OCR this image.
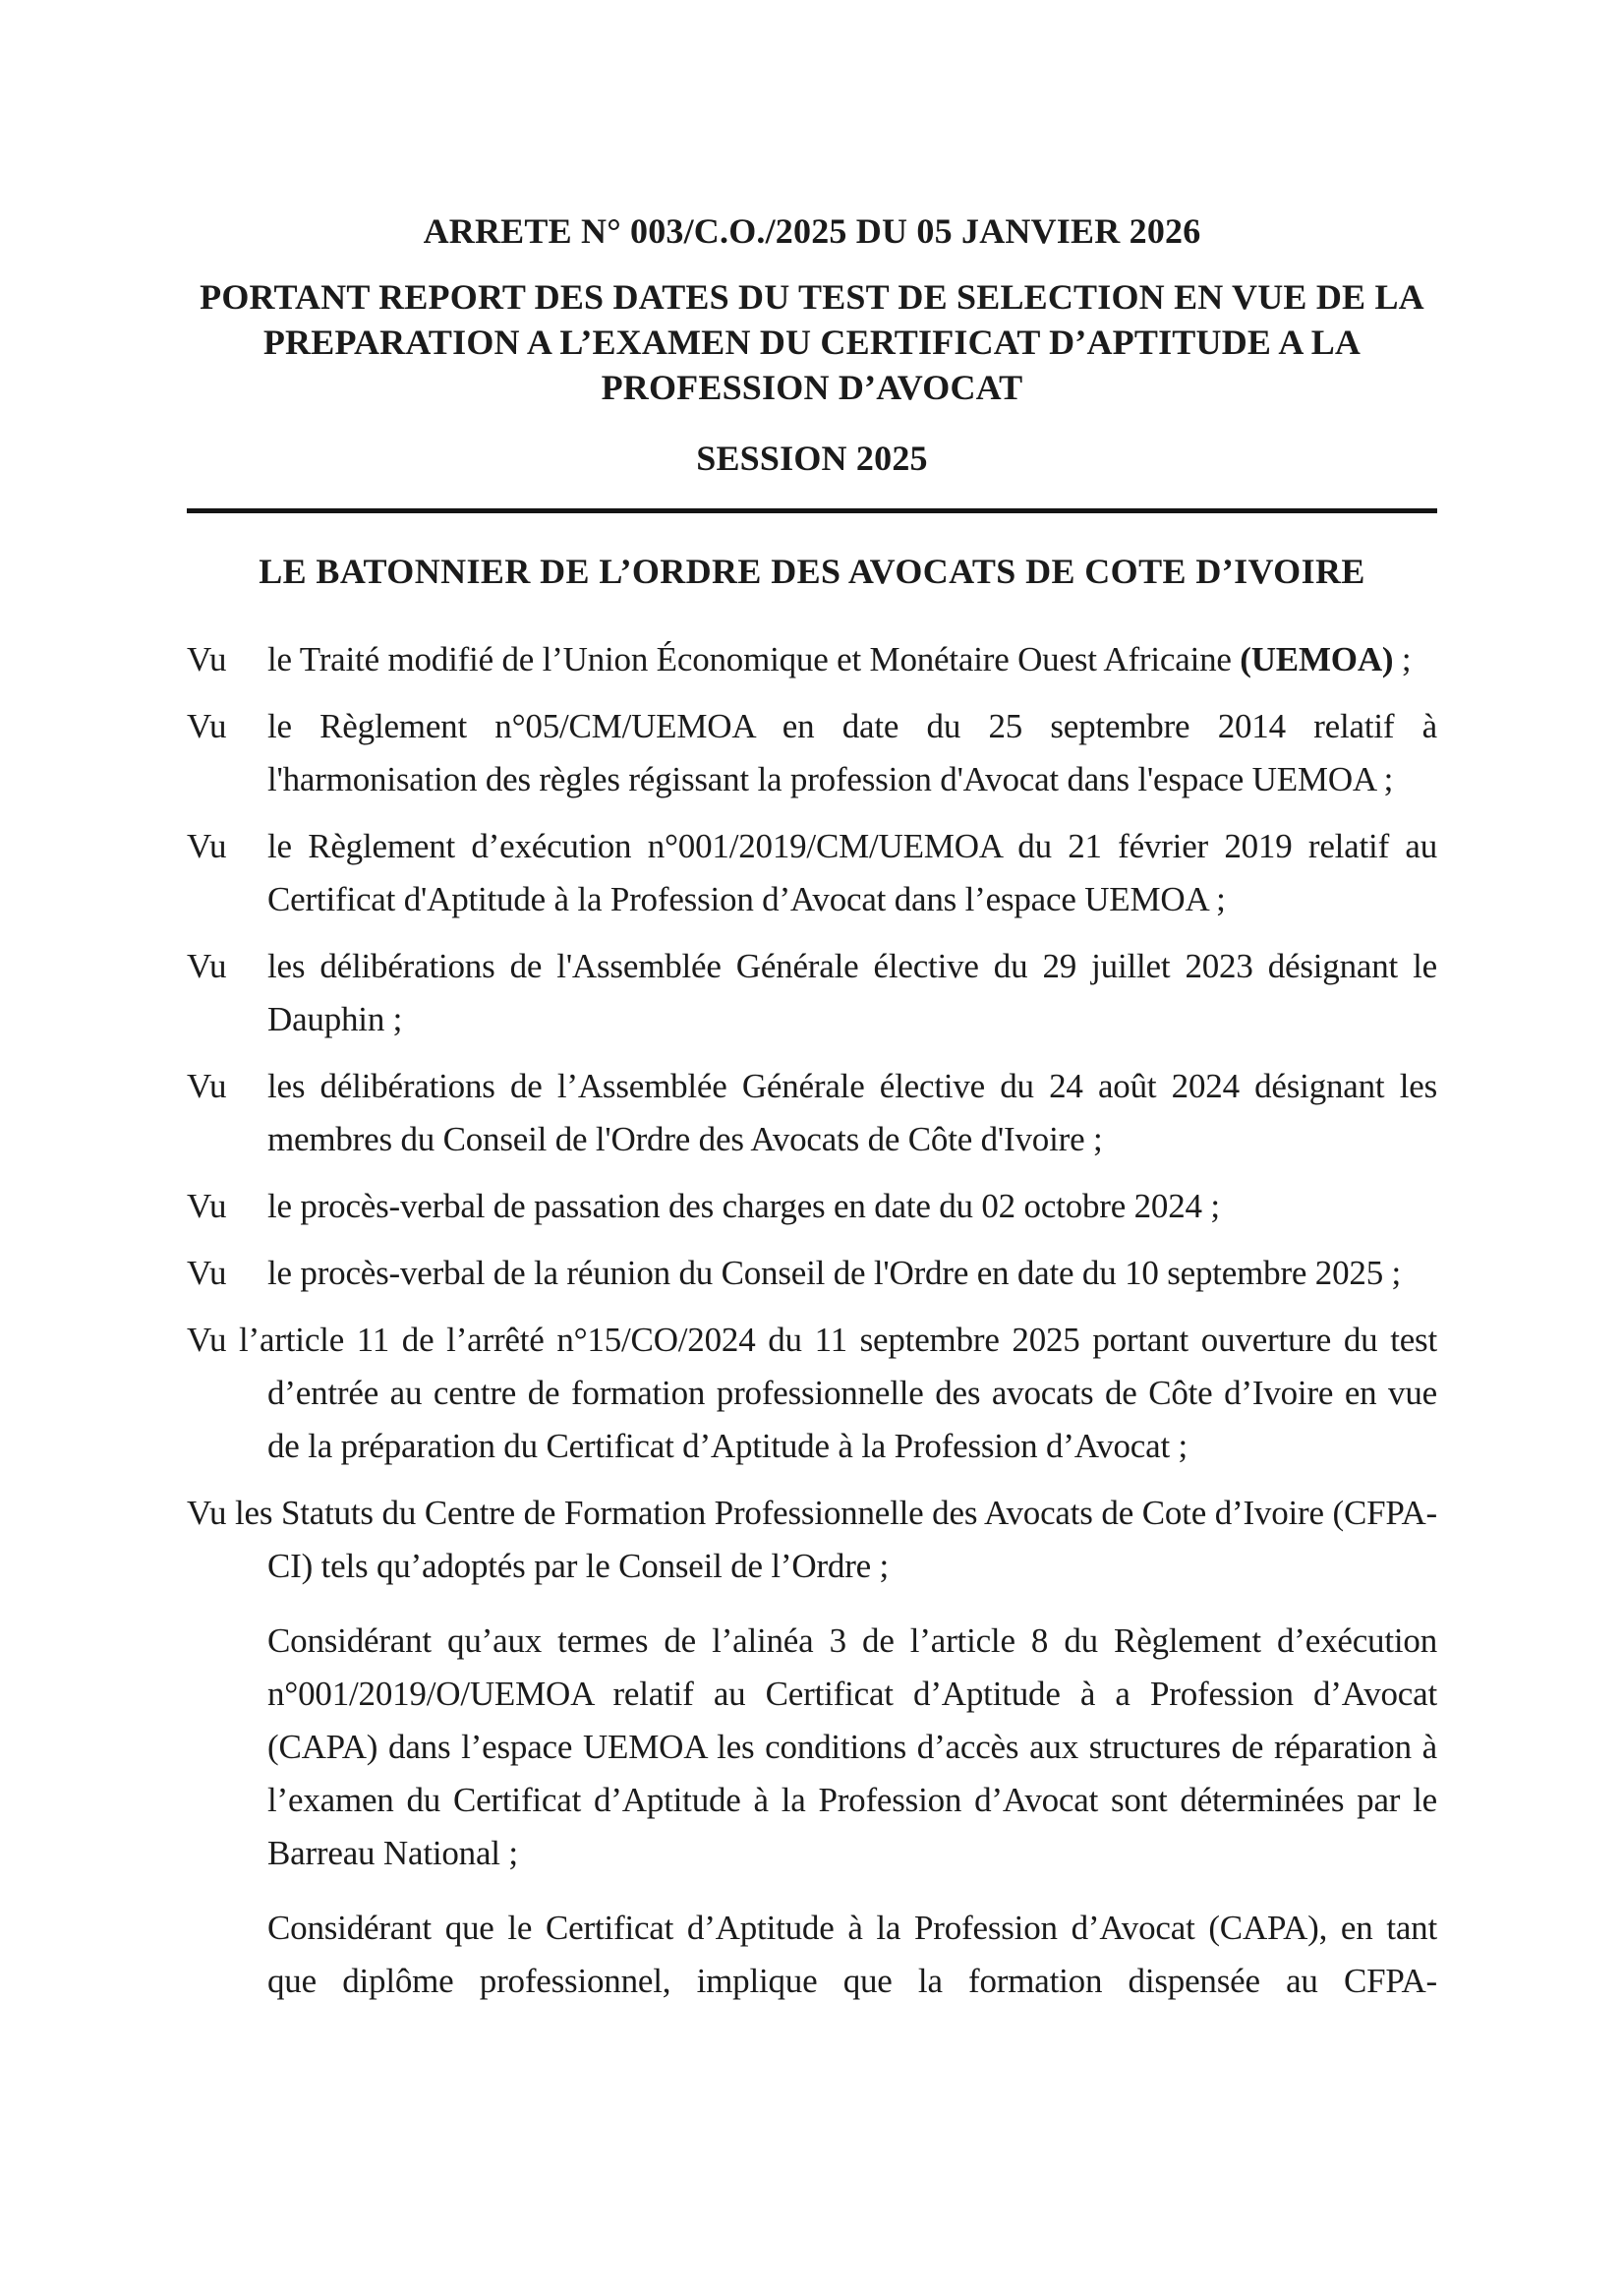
ARRETE N° 003/C.O./2025 DU 05 JANVIER 2026
PORTANT REPORT DES DATES DU TEST DE SELECTION EN VUE DE LA
PREPARATION A L’EXAMEN DU CERTIFICAT D’APTITUDE A LA
PROFESSION D’AVOCAT
SESSION 2025
LE BATONNIER DE L’ORDRE DES AVOCATS DE COTE D’IVOIRE
Vu	le Traité modifié de l’Union Économique et Monétaire Ouest Africaine (UEMOA) ;

Vu	le Règlement n°05/CM/UEMOA en date du 25 septembre 2014 relatif à l'harmonisation des règles régissant la profession d'Avocat dans l'espace UEMOA ;

Vu	le Règlement d’exécution n°001/2019/CM/UEMOA du 21 février 2019 relatif au Certificat d'Aptitude à la Profession d’Avocat dans l’espace UEMOA ;

Vu	les délibérations de l'Assemblée Générale élective du 29 juillet 2023 désignant le Dauphin ;

Vu	les délibérations de l’Assemblée Générale élective du 24 août 2024 désignant les membres du Conseil de l'Ordre des Avocats de Côte d'Ivoire ;

Vu	le procès-verbal de passation des charges en date du 02 octobre 2024 ;

Vu	le procès-verbal de la réunion du Conseil de l'Ordre en date du 10 septembre 2025 ;

Vu l’article 11 de l’arrêté n°15/CO/2024 du 11 septembre 2025 portant ouverture du test d’entrée au centre de formation professionnelle des avocats de Côte d’Ivoire en vue de la préparation du Certificat d’Aptitude à la Profession d’Avocat ;

Vu les Statuts du Centre de Formation Professionnelle des Avocats de Cote d’Ivoire (CFPA-CI) tels qu’adoptés par le Conseil de l’Ordre ;

Considérant qu’aux termes de l’alinéa 3 de l’article 8 du Règlement d’exécution n°001/2019/O/UEMOA relatif au Certificat d’Aptitude à a Profession d’Avocat (CAPA) dans l’espace UEMOA les conditions d’accès aux structures de réparation à l’examen du Certificat d’Aptitude à la Profession d’Avocat sont déterminées par le Barreau National ;

Considérant que le Certificat d’Aptitude à la Profession d’Avocat (CAPA), en tant que diplôme professionnel, implique que la formation dispensée au CFPA-
